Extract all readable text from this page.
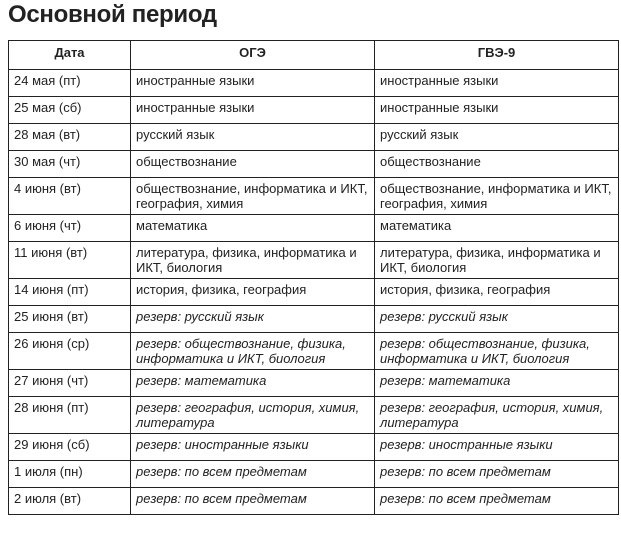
Основной период
Дата	ОГЭ	ГВЭ-9
24 мая (пт)	иностранные языки	иностранные языки
25 мая (сб)	иностранные языки	иностранные языки
28 мая (вт)	русский язык	русский язык
30 мая (чт)	обществознание	обществознание
4 июня (вт)	обществознание, информатика и ИКТ, география, химия	обществознание, информатика и ИКТ, география, химия
6 июня (чт)	математика	математика
11 июня (вт)	литература, физика, информатика и ИКТ, биология	литература, физика, информатика и ИКТ, биология
14 июня (пт)	история, физика, география	история, физика, география
25 июня (вт)	резерв: русский язык	резерв: русский язык
26 июня (ср)	резерв: обществознание, физика, информатика и ИКТ, биология	резерв: обществознание, физика, информатика и ИКТ, биология
27 июня (чт)	резерв: математика	резерв: математика
28 июня (пт)	резерв: география, история, химия, литература	резерв: география, история, химия, литература
29 июня (сб)	резерв: иностранные языки	резерв: иностранные языки
1 июля (пн)	резерв: по всем предметам	резерв: по всем предметам
2 июля (вт)	резерв: по всем предметам	резерв: по всем предметам
